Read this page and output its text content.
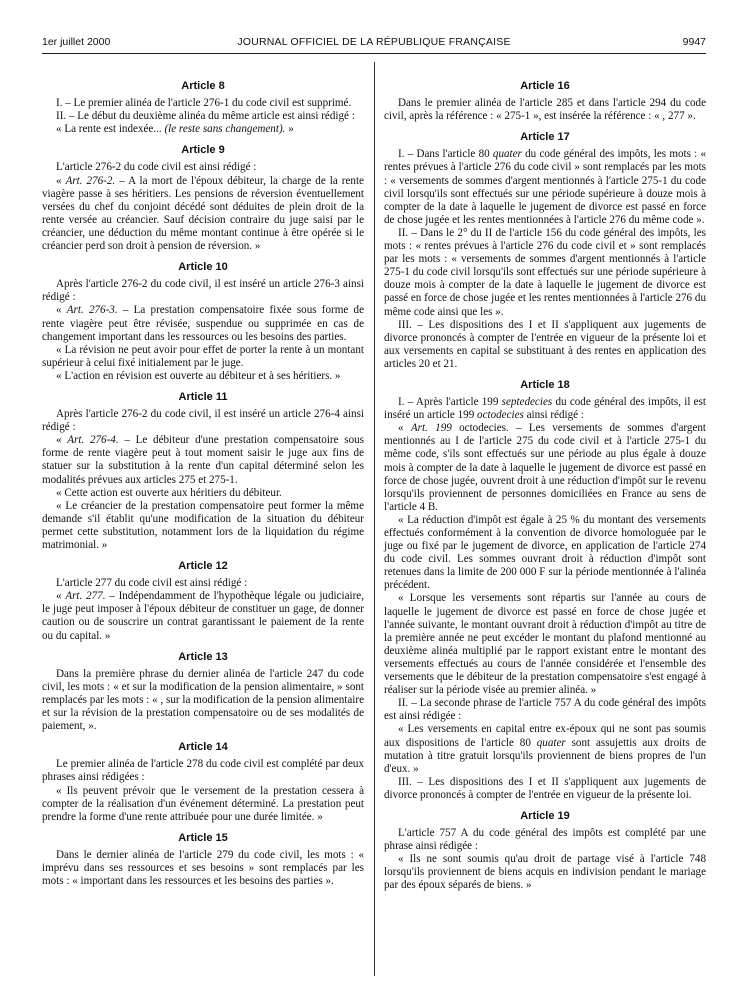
1er juillet 2000	JOURNAL OFFICIEL DE LA RÉPUBLIQUE FRANÇAISE	9947
Article 8

I. – Le premier alinéa de l'article 276-1 du code civil est supprimé.

II. – Le début du deuxième alinéa du même article est ainsi rédigé :

« La rente est indexée... (le reste sans changement). »

Article 9

L'article 276-2 du code civil est ainsi rédigé :

« Art. 276-2. – A la mort de l'époux débiteur, la charge de la rente viagère passe à ses héritiers. Les pensions de réversion éventuellement versées du chef du conjoint décédé sont déduites de plein droit de la rente versée au créancier. Sauf décision contraire du juge saisi par le créancier, une déduction du même montant continue à être opérée si le créancier perd son droit à pension de réversion. »

Article 10

Après l'article 276-2 du code civil, il est inséré un article 276-3 ainsi rédigé :

« Art. 276-3. – La prestation compensatoire fixée sous forme de rente viagère peut être révisée, suspendue ou supprimée en cas de changement important dans les ressources ou les besoins des parties.

« La révision ne peut avoir pour effet de porter la rente à un montant supérieur à celui fixé initialement par le juge.

« L'action en révision est ouverte au débiteur et à ses héritiers. »

Article 11

Après l'article 276-2 du code civil, il est inséré un article 276-4 ainsi rédigé :

« Art. 276-4. – Le débiteur d'une prestation compensatoire sous forme de rente viagère peut à tout moment saisir le juge aux fins de statuer sur la substitution à la rente d'un capital déterminé selon les modalités prévues aux articles 275 et 275-1.

« Cette action est ouverte aux héritiers du débiteur.

« Le créancier de la prestation compensatoire peut former la même demande s'il établit qu'une modification de la situation du débiteur permet cette substitution, notamment lors de la liquidation du régime matrimonial. »

Article 12

L'article 277 du code civil est ainsi rédigé :

« Art. 277. – Indépendamment de l'hypothèque légale ou judiciaire, le juge peut imposer à l'époux débiteur de constituer un gage, de donner caution ou de souscrire un contrat garantissant le paiement de la rente ou du capital. »

Article 13

Dans la première phrase du dernier alinéa de l'article 247 du code civil, les mots : « et sur la modification de la pension alimentaire, » sont remplacés par les mots : « , sur la modification de la pension alimentaire et sur la révision de la prestation compensatoire ou de ses modalités de paiement, ».

Article 14

Le premier alinéa de l'article 278 du code civil est complété par deux phrases ainsi rédigées :

« Ils peuvent prévoir que le versement de la prestation cessera à compter de la réalisation d'un événement déterminé. La prestation peut prendre la forme d'une rente attribuée pour une durée limitée. »

Article 15

Dans le dernier alinéa de l'article 279 du code civil, les mots : « imprévu dans ses ressources et ses besoins » sont remplacés par les mots : « important dans les ressources et les besoins des parties ».

Article 16

Dans le premier alinéa de l'article 285 et dans l'article 294 du code civil, après la référence : « 275-1 », est insérée la référence : « , 277 ».

Article 17

I. – Dans l'article 80 quater du code général des impôts, les mots : « rentes prévues à l'article 276 du code civil » sont remplacés par les mots : « versements de sommes d'argent mentionnés à l'article 275-1 du code civil lorsqu'ils sont effectués sur une période supérieure à douze mois à compter de la date à laquelle le jugement de divorce est passé en force de chose jugée et les rentes mentionnées à l'article 276 du même code ».

II. – Dans le 2° du II de l'article 156 du code général des impôts, les mots : « rentes prévues à l'article 276 du code civil et » sont remplacés par les mots : « versements de sommes d'argent mentionnés à l'article 275-1 du code civil lorsqu'ils sont effectués sur une période supérieure à douze mois à compter de la date à laquelle le jugement de divorce est passé en force de chose jugée et les rentes mentionnées à l'article 276 du même code ainsi que les ».

III. – Les dispositions des I et II s'appliquent aux jugements de divorce prononcés à compter de l'entrée en vigueur de la présente loi et aux versements en capital se substituant à des rentes en application des articles 20 et 21.

Article 18

I. – Après l'article 199 septedecies du code général des impôts, il est inséré un article 199 octodecies ainsi rédigé :

« Art. 199 octodecies. – Les versements de sommes d'argent mentionnés au I de l'article 275 du code civil et à l'article 275-1 du même code, s'ils sont effectués sur une période au plus égale à douze mois à compter de la date à laquelle le jugement de divorce est passé en force de chose jugée, ouvrent droit à une réduction d'impôt sur le revenu lorsqu'ils proviennent de personnes domiciliées en France au sens de l'article 4 B.

« La réduction d'impôt est égale à 25 % du montant des versements effectués conformément à la convention de divorce homologuée par le juge ou fixé par le jugement de divorce, en application de l'article 274 du code civil. Les sommes ouvrant droit à réduction d'impôt sont retenues dans la limite de 200 000 F sur la période mentionnée à l'alinéa précédent.

« Lorsque les versements sont répartis sur l'année au cours de laquelle le jugement de divorce est passé en force de chose jugée et l'année suivante, le montant ouvrant droit à réduction d'impôt au titre de la première année ne peut excéder le montant du plafond mentionné au deuxième alinéa multiplié par le rapport existant entre le montant des versements effectués au cours de l'année considérée et l'ensemble des versements que le débiteur de la prestation compensatoire s'est engagé à réaliser sur la période visée au premier alinéa. »

II. – La seconde phrase de l'article 757 A du code général des impôts est ainsi rédigée :

« Les versements en capital entre ex-époux qui ne sont pas soumis aux dispositions de l'article 80 quater sont assujettis aux droits de mutation à titre gratuit lorsqu'ils proviennent de biens propres de l'un d'eux. »

III. – Les dispositions des I et II s'appliquent aux jugements de divorce prononcés à compter de l'entrée en vigueur de la présente loi.

Article 19

L'article 757 A du code général des impôts est complété par une phrase ainsi rédigée :

« Ils ne sont soumis qu'au droit de partage visé à l'article 748 lorsqu'ils proviennent de biens acquis en indivision pendant le mariage par des époux séparés de biens. »
